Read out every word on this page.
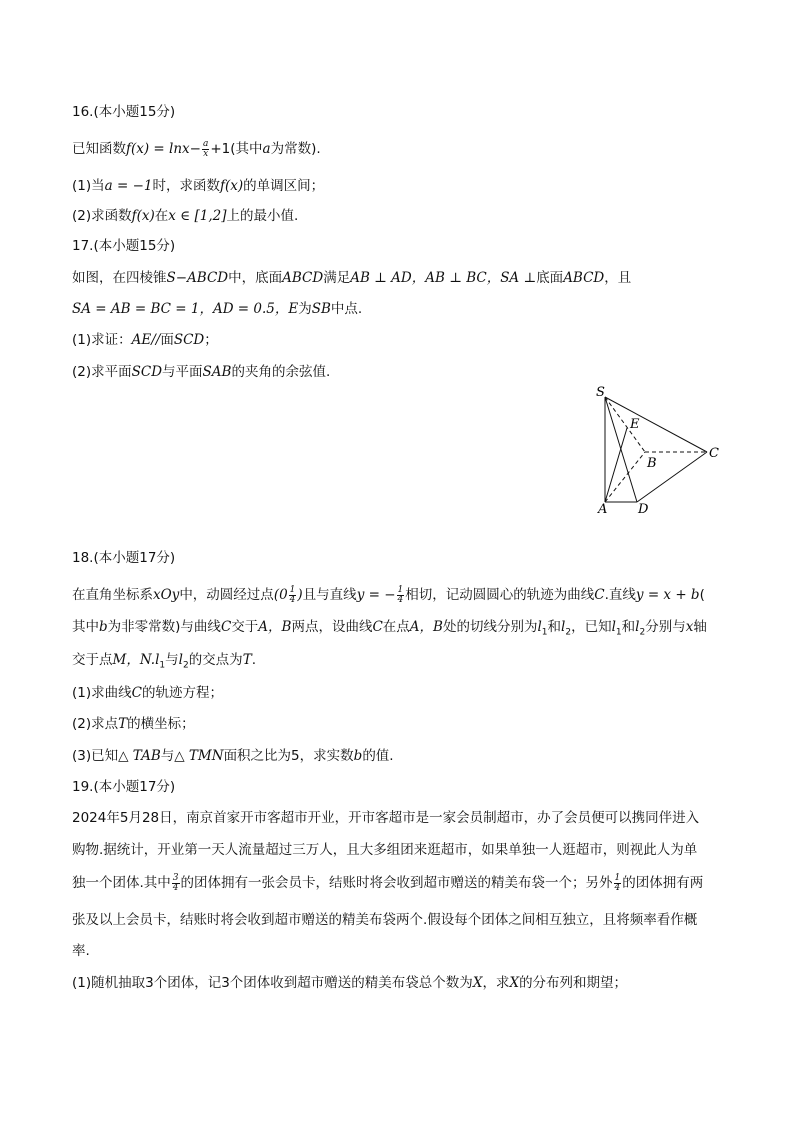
16.(本小题15分)
已知函数$f(x) = \ln x- \frac{a}{x} +1$(其中a为常数).
(1)当a = −1时，求函数f(x)的单调区间；
(2)求函数f(x)在x ∈ [1,2]上的最小值.
17.(本小题15分)
如图，在四棱锥S−ABCD中，底面ABCD满足AB ⊥ AD，AB ⊥ BC，SA ⊥底面ABCD，且
SA = AB = BC = 1，AD = 0.5，E为SB中点.
(1)求证：AE//面SCD；
(2)求平面SCD与平面SAB的夹角的余弦值.
S
E
B
C
A D
18.(本小题17分)
在直角坐标系xOy中，动圆经过点($0 \frac{1}{4}$ )且与直线y = − $\frac{1}{4}$ 相切，记动圆圆心的轨迹为曲线C.直线y = x + b(
其中b为非零常数)与曲线C交于A，B两点，设曲线C在点A，B处的切线分别为$l_1$和$l_2$，已知$l_1$和$l_2$分别与x轴
交于点M，$N.l_1$与$l_2$的交点为T.
(1)求曲线C的轨迹方程；
(2)求点T的横坐标；
(3)已知△ TAB与△ TMN面积之比为5，求实数b的值.
19.(本小题17分)
2024年5月28日，南京首家开市客超市开业，开市客超市是一家会员制超市，办了会员便可以携同伴进入
购物.据统计，开业第一天人流量超过三万人，且大多组团来逛超市，如果单独一人逛超市，则视此人为单
独一个团体.其中 $\frac{3}{4}$ 的团体拥有一张会员卡，结账时将会收到超市赠送的精美布袋一个；另外 $\frac{1}{4}$ 的团体拥有两
张及以上会员卡，结账时将会收到超市赠送的精美布袋两个.假设每个团体之间相互独立，且将频率看作概
率.
(1)随机抽取3个团体，记3个团体收到超市赠送的精美布袋总个数为X，求X的分布列和期望；
